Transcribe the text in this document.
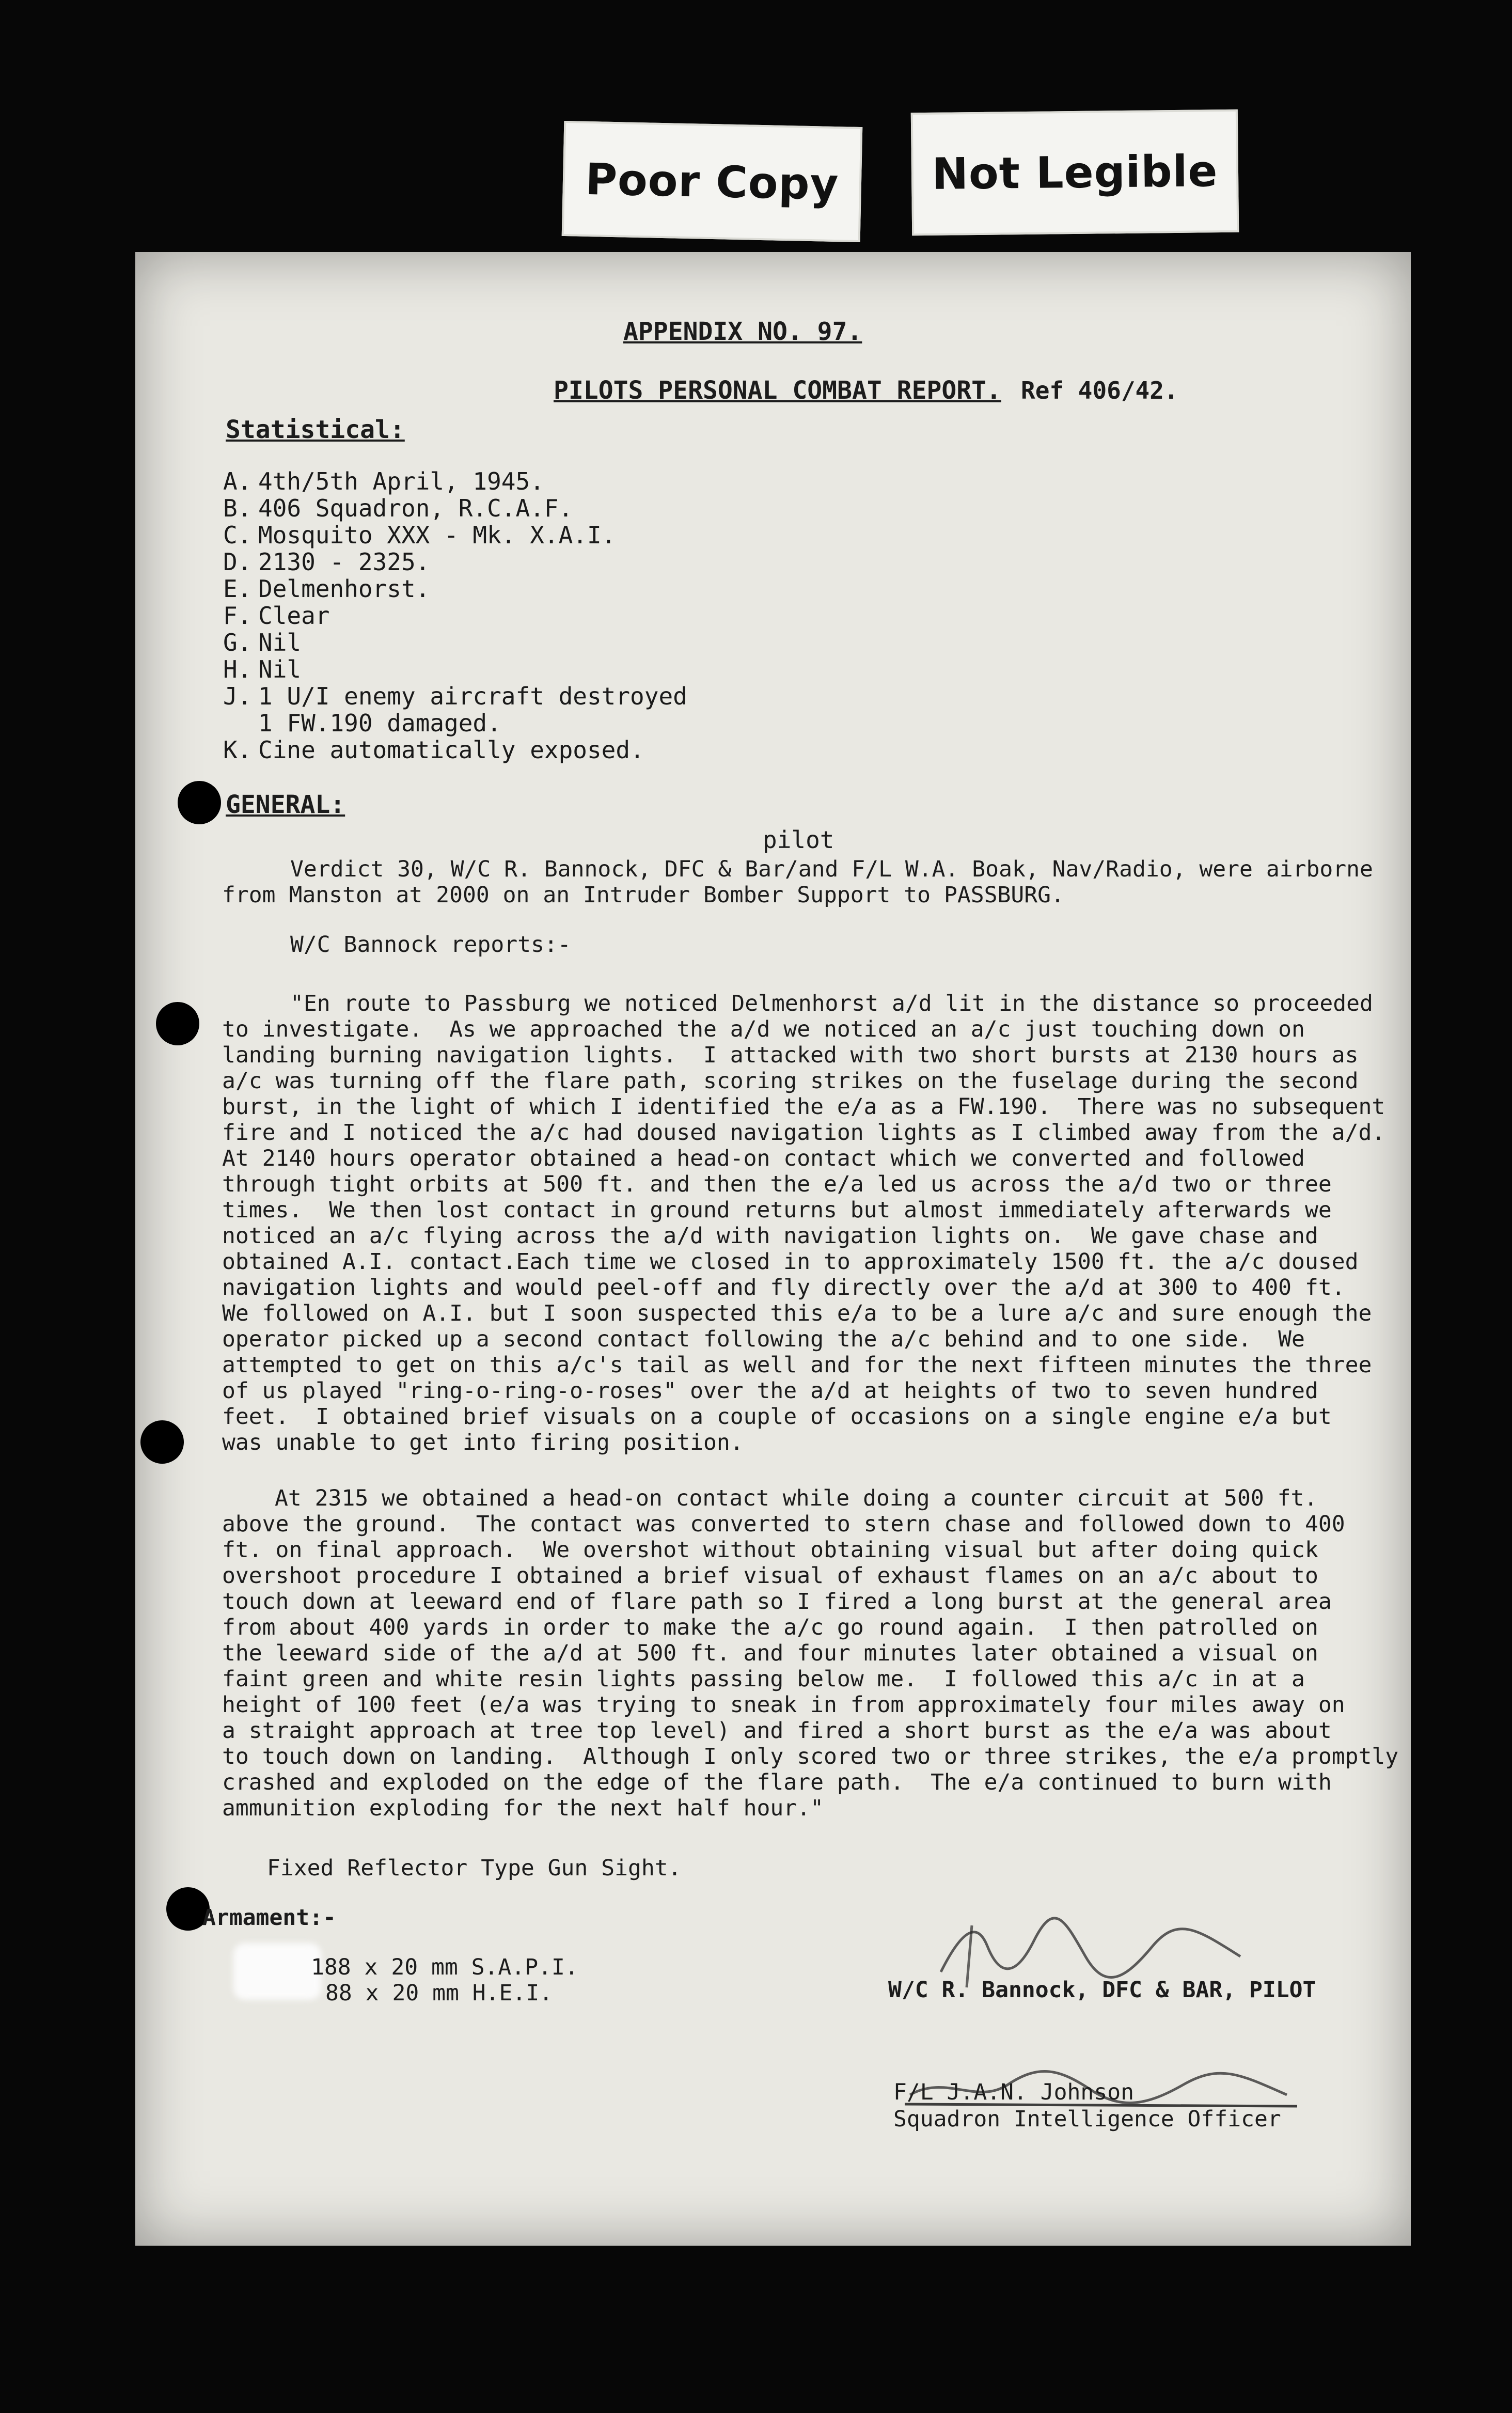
Poor Copy	Not Legible
APPENDIX NO. 97.
PILOTS PERSONAL COMBAT REPORT. Ref 406/42.
Statistical:
A. 4th/5th April, 1945.
B. 406 Squadron, R.C.A.F.
C. Mosquito XXX - Mk. X.A.I.
D. 2130 - 2325.
E. Delmenhorst.
F. Clear
G. Nil
H. Nil
J. 1 U/I enemy aircraft destroyed
1 FW.190 damaged.
K. Cine automatically exposed.
GENERAL:
pilot
Verdict 30, W/C R. Bannock, DFC & Bar/and F/L W.A. Boak, Nav/Radio, were airborne
from Manston at 2000 on an Intruder Bomber Support to PASSBURG.
W/C Bannock reports:-
"En route to Passburg we noticed Delmenhorst a/d lit in the distance so proceeded
to investigate.  As we approached the a/d we noticed an a/c just touching down on
landing burning navigation lights.  I attacked with two short bursts at 2130 hours as
a/c was turning off the flare path, scoring strikes on the fuselage during the second
burst, in the light of which I identified the e/a as a FW.190.  There was no subsequent
fire and I noticed the a/c had doused navigation lights as I climbed away from the a/d.
At 2140 hours operator obtained a head-on contact which we converted and followed
through tight orbits at 500 ft. and then the e/a led us across the a/d two or three
times.  We then lost contact in ground returns but almost immediately afterwards we
noticed an a/c flying across the a/d with navigation lights on.  We gave chase and
obtained A.I. contact.Each time we closed in to approximately 1500 ft. the a/c doused
navigation lights and would peel-off and fly directly over the a/d at 300 to 400 ft.
We followed on A.I. but I soon suspected this e/a to be a lure a/c and sure enough the
operator picked up a second contact following the a/c behind and to one side.  We
attempted to get on this a/c's tail as well and for the next fifteen minutes the three
of us played "ring-o-ring-o-roses" over the a/d at heights of two to seven hundred
feet.  I obtained brief visuals on a couple of occasions on a single engine e/a but
was unable to get into firing position.
At 2315 we obtained a head-on contact while doing a counter circuit at 500 ft.
above the ground.  The contact was converted to stern chase and followed down to 400
ft. on final approach.  We overshot without obtaining visual but after doing quick
overshoot procedure I obtained a brief visual of exhaust flames on an a/c about to
touch down at leeward end of flare path so I fired a long burst at the general area
from about 400 yards in order to make the a/c go round again.  I then patrolled on
the leeward side of the a/d at 500 ft. and four minutes later obtained a visual on
faint green and white resin lights passing below me.  I followed this a/c in at a
height of 100 feet (e/a was trying to sneak in from approximately four miles away on
a straight approach at tree top level) and fired a short burst as the e/a was about
to touch down on landing.  Although I only scored two or three strikes, the e/a promptly
crashed and exploded on the edge of the flare path.  The e/a continued to burn with
ammunition exploding for the next half hour."
Fixed Reflector Type Gun Sight.
Armament:-
188 x 20 mm S.A.P.I.
88 x 20 mm H.E.I.	W/C R. Bannock, DFC & BAR, PILOT
F/L J.A.N. Johnson
Squadron Intelligence Officer
